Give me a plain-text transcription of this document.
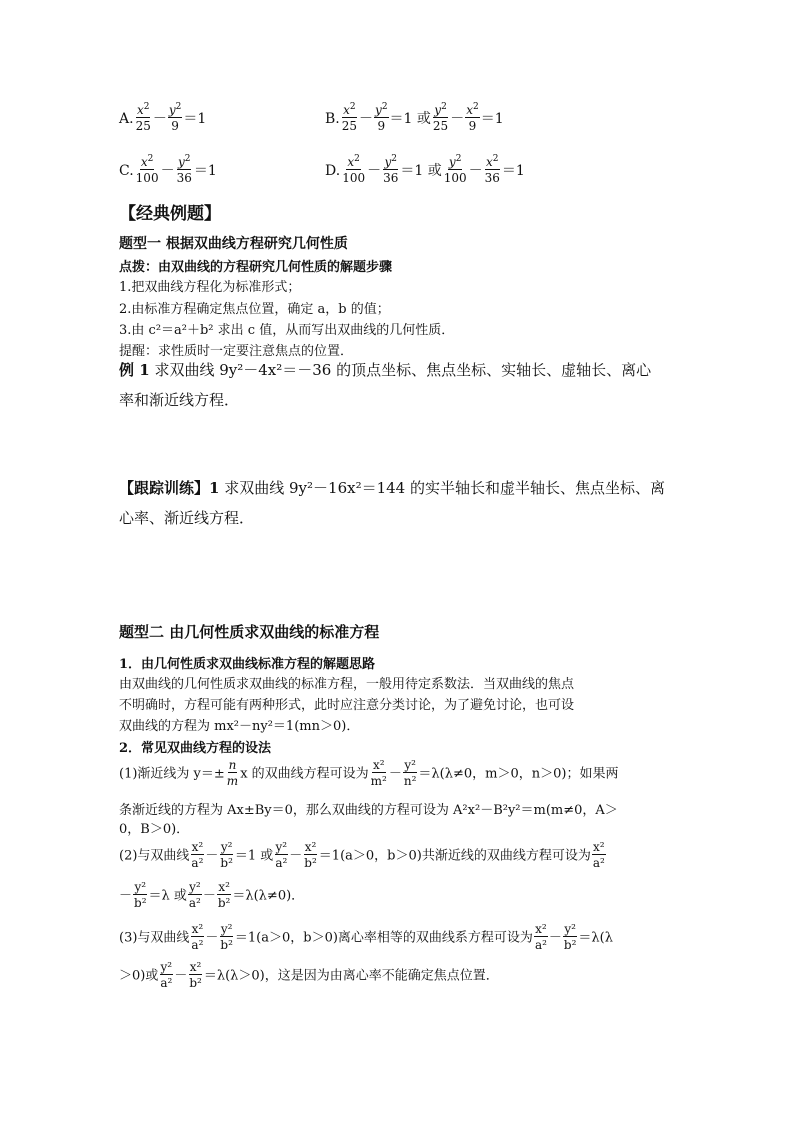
A. $\frac{x^2}{25} - \frac{y^2}{9} =1$	B. $\frac{x^2}{25} - \frac{y^2}{9} =1$ 或 $\frac{y^2}{25} - \frac{x^2}{9} =1$
C. $\frac{x^2}{100} - \frac{y^2}{36} =1$	D. $\frac{x^2}{100} - \frac{y^2}{36} =1$ 或 $\frac{y^2}{100} - \frac{x^2}{36} =1$
【经典例题】
题型一 根据双曲线方程研究几何性质
点拨：由双曲线的方程研究几何性质的解题步骤
1.把双曲线方程化为标准形式；
2.由标准方程确定焦点位置，确定 a，b 的值；
3.由 c²＝a²＋b² 求出 c 值，从而写出双曲线的几何性质．
提醒：求性质时一定要注意焦点的位置．
例 1 求双曲线 9y²－4x²＝－36 的顶点坐标、焦点坐标、实轴长、虚轴长、离心
率和渐近线方程．
【跟踪训练】1 求双曲线 9y²－16x²＝144 的实半轴长和虚半轴长、焦点坐标、离
心率、渐近线方程．
题型二 由几何性质求双曲线的标准方程
1．由几何性质求双曲线标准方程的解题思路
由双曲线的几何性质求双曲线的标准方程，一般用待定系数法．当双曲线的焦点
不明确时，方程可能有两种形式，此时应注意分类讨论，为了避免讨论，也可设
双曲线的方程为 mx²－ny²＝1(mn＞0)．
2．常见双曲线方程的设法
(1)渐近线为 $y=\pm \frac{n}{m}$ x 的双曲线方程可设为 $\frac{\text{x²}}{\text{m²}} - \frac{\text{y²}}{\text{n²}} =\lambda(\lambda\ne 0$，m＞0，n＞0)；如果两
条渐近线的方程为 Ax±By＝0，那么双曲线的方程可设为 A²x²－B²y²＝m(m≠0，A＞
0，B＞0)．
(2)与双曲线 $\frac{\text{x²}}{\text{a²}} - \frac{\text{y²}}{\text{b²}} =1$ 或 $\frac{\text{y²}}{\text{a²}} - \frac{\text{x²}}{\text{b²}} =1(a>0$，b＞0)共渐近线的双曲线方程可设为 $\frac{\text{x²}}{\text{a²}}$
－ $\frac{\text{y²}}{\text{b²}} =\lambda$ 或 $\frac{\text{y²}}{\text{a²}} - \frac{\text{x²}}{\text{b²}} =\lambda(\lambda\ne 0)$．
(3)与双曲线 $\frac{\text{x²}}{\text{a²}} - \frac{\text{y²}}{\text{b²}} =1(a>0$，b＞0)离心率相等的双曲线系方程可设为 $\frac{\text{x²}}{\text{a²}} - \frac{\text{y²}}{\text{b²}} =\lambda(\lambda$
＞0)或 $\frac{\text{y²}}{\text{a²}} - \frac{\text{x²}}{\text{b²}} =\lambda(\lambda>0)$，这是因为由离心率不能确定焦点位置．
